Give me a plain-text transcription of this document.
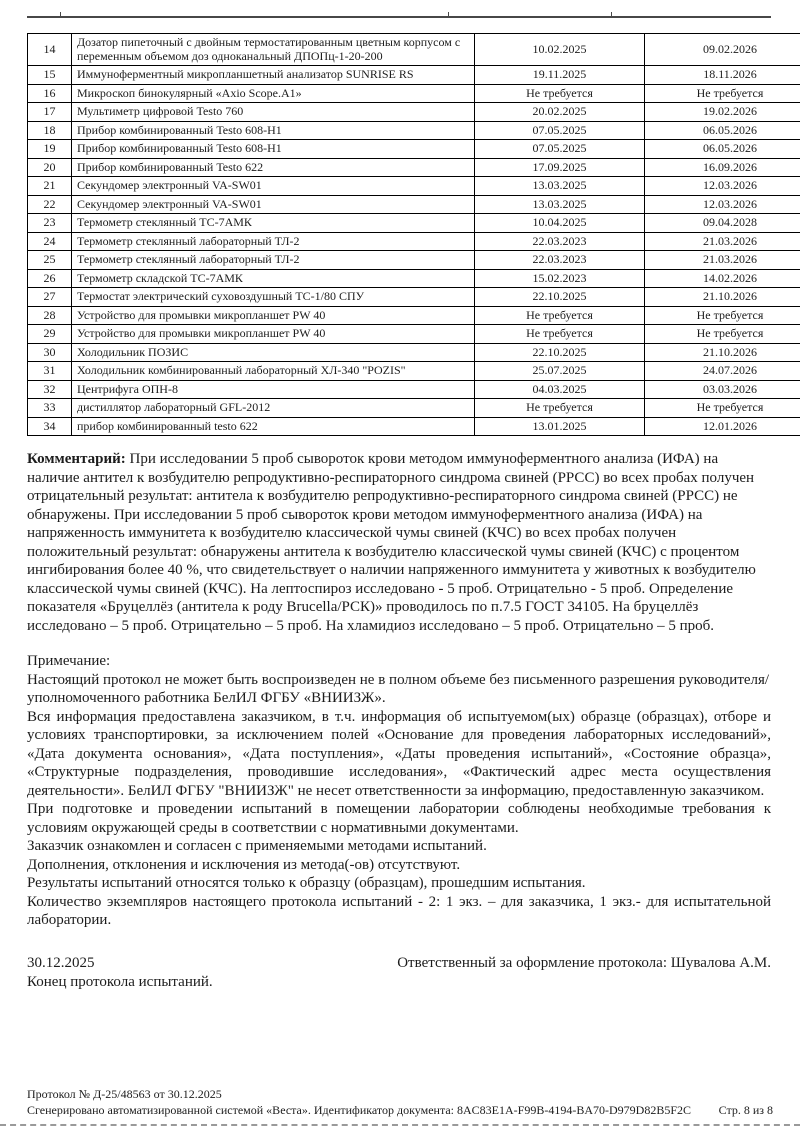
14	Дозатор пипеточный с двойным термостатированным цветным корпусом с переменным объемом доз одноканальный ДПОПц-1-20-200	10.02.2025	09.02.2026
15	Иммуноферментный микропланшетный анализатор SUNRISE RS	19.11.2025	18.11.2026
16	Микроскоп бинокулярный «Axio Scope.A1»	Не требуется	Не требуется
17	Мультиметр цифровой Testo 760	20.02.2025	19.02.2026
18	Прибор комбинированный Testo 608-H1	07.05.2025	06.05.2026
19	Прибор комбинированный Testo 608-H1	07.05.2025	06.05.2026
20	Прибор комбинированный Testo 622	17.09.2025	16.09.2026
21	Секундомер электронный VA-SW01	13.03.2025	12.03.2026
22	Секундомер электронный VA-SW01	13.03.2025	12.03.2026
23	Термометр стеклянный ТС-7АМК	10.04.2025	09.04.2028
24	Термометр стеклянный лабораторный ТЛ-2	22.03.2023	21.03.2026
25	Термометр стеклянный лабораторный ТЛ-2	22.03.2023	21.03.2026
26	Термометр складской ТС-7АМК	15.02.2023	14.02.2026
27	Термостат электрический суховоздушный ТС-1/80 СПУ	22.10.2025	21.10.2026
28	Устройство для промывки микропланшет PW 40	Не требуется	Не требуется
29	Устройство для промывки микропланшет PW 40	Не требуется	Не требуется
30	Холодильник ПОЗИС	22.10.2025	21.10.2026
31	Холодильник комбинированный лабораторный ХЛ-340 "POZIS"	25.07.2025	24.07.2026
32	Центрифуга ОПН-8	04.03.2025	03.03.2026
33	дистиллятор лабораторный GFL-2012	Не требуется	Не требуется
34	прибор комбинированный testo 622	13.01.2025	12.01.2026
Комментарий: При исследовании 5 проб сывороток крови методом иммуноферментного анализа (ИФА) на наличие антител к возбудителю репродуктивно-респираторного синдрома свиней (РРСС) во всех пробах получен отрицательный результат: антитела к возбудителю репродуктивно-респираторного синдрома свиней (РРСС) не обнаружены. При исследовании 5 проб сывороток крови методом иммуноферментного анализа (ИФА) на напряженность иммунитета к возбудителю классической чумы свиней (КЧС) во всех пробах получен положительный результат: обнаружены антитела к возбудителю классической чумы свиней (КЧС) с процентом ингибирования более 40 %, что свидетельствует о наличии напряженного иммунитета у животных к возбудителю классической чумы свиней (КЧС). На лептоспироз исследовано - 5 проб. Отрицательно - 5 проб. Определение показателя «Бруцеллёз (антитела к роду Brucella/РСК)» проводилось по п.7.5 ГОСТ 34105. На бруцеллёз исследовано – 5 проб. Отрицательно – 5 проб. На хламидиоз исследовано – 5 проб. Отрицательно – 5 проб.

Примечание:

Настоящий протокол не может быть воспроизведен не в полном объеме без письменного разрешения руководителя/уполномоченного работника БелИЛ ФГБУ «ВНИИЗЖ».

Вся информация предоставлена заказчиком, в т.ч. информация об испытуемом(ых) образце (образцах), отборе и условиях транспортировки, за исключением полей «Основание для проведения лабораторных исследований», «Дата документа основания», «Дата поступления», «Даты проведения испытаний», «Состояние образца», «Структурные подразделения, проводившие исследования», «Фактический адрес места осуществления деятельности». БелИЛ ФГБУ "ВНИИЗЖ" не несет ответственности за информацию, предоставленную заказчиком.

При подготовке и проведении испытаний в помещении лаборатории соблюдены необходимые требования к условиям окружающей среды в соответствии с нормативными документами.

Заказчик ознакомлен и согласен с применяемыми методами испытаний.

Дополнения, отклонения и исключения из метода(-ов) отсутствуют.

Результаты испытаний относятся только к образцу (образцам), прошедшим испытания.

Количество экземпляров настоящего протокола испытаний - 2: 1 экз. – для заказчика, 1 экз.- для испытательной лаборатории.

30.12.2025	Ответственный за оформление протокола: Шувалова А.М.
Конец протокола испытаний.
Протокол № Д-25/48563 от 30.12.2025
Сгенерировано автоматизированной системой «Веста». Идентификатор документа: 8AC83E1A-F99B-4194-BA70-D979D82B5F2C Стр. 8 из 8
